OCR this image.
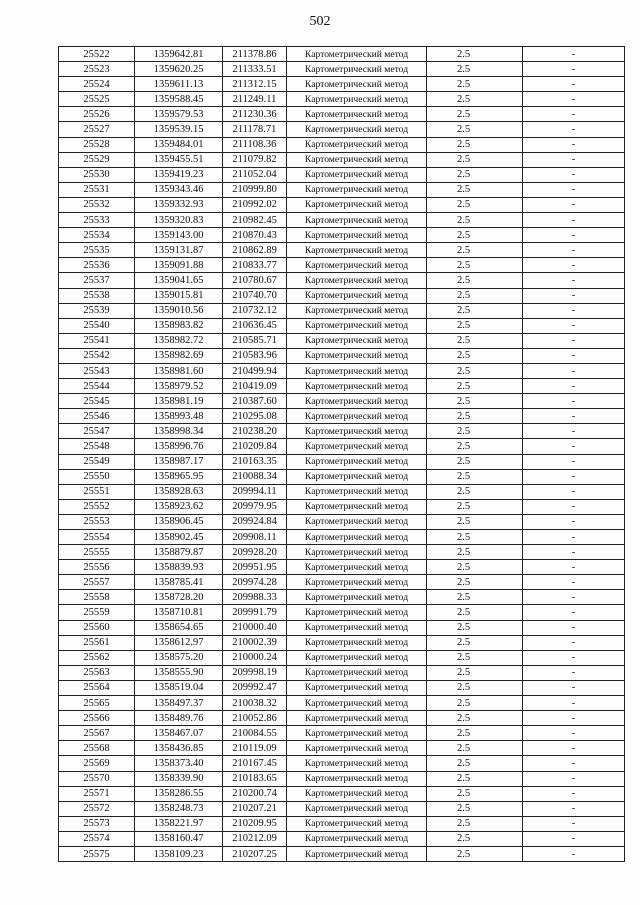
502
25522	1359642.81	211378.86	Картометрический метод	2.5	-
25523	1359620.25	211333.51	Картометрический метод	2.5	-
25524	1359611.13	211312.15	Картометрический метод	2.5	-
25525	1359588.45	211249.11	Картометрический метод	2.5	-
25526	1359579.53	211230.36	Картометрический метод	2.5	-
25527	1359539.15	211178.71	Картометрический метод	2.5	-
25528	1359484.01	211108.36	Картометрический метод	2.5	-
25529	1359455.51	211079.82	Картометрический метод	2.5	-
25530	1359419.23	211052.04	Картометрический метод	2.5	-
25531	1359343.46	210999.80	Картометрический метод	2.5	-
25532	1359332.93	210992.02	Картометрический метод	2.5	-
25533	1359320.83	210982.45	Картометрический метод	2.5	-
25534	1359143.00	210870.43	Картометрический метод	2.5	-
25535	1359131.87	210862.89	Картометрический метод	2.5	-
25536	1359091.88	210833.77	Картометрический метод	2.5	-
25537	1359041.65	210780.67	Картометрический метод	2.5	-
25538	1359015.81	210740.70	Картометрический метод	2.5	-
25539	1359010.56	210732.12	Картометрический метод	2.5	-
25540	1358983.82	210636.45	Картометрический метод	2.5	-
25541	1358982.72	210585.71	Картометрический метод	2.5	-
25542	1358982.69	210583.96	Картометрический метод	2.5	-
25543	1358981.60	210499.94	Картометрический метод	2.5	-
25544	1358979.52	210419.09	Картометрический метод	2.5	-
25545	1358981.19	210387.60	Картометрический метод	2.5	-
25546	1358993.48	210295.08	Картометрический метод	2.5	-
25547	1358998.34	210238.20	Картометрический метод	2.5	-
25548	1358996.76	210209.84	Картометрический метод	2.5	-
25549	1358987.17	210163.35	Картометрический метод	2.5	-
25550	1358965.95	210088.34	Картометрический метод	2.5	-
25551	1358928.63	209994.11	Картометрический метод	2.5	-
25552	1358923.62	209979.95	Картометрический метод	2.5	-
25553	1358906.45	209924.84	Картометрический метод	2.5	-
25554	1358902.45	209908.11	Картометрический метод	2.5	-
25555	1358879.87	209928.20	Картометрический метод	2.5	-
25556	1358839.93	209951.95	Картометрический метод	2.5	-
25557	1358785.41	209974.28	Картометрический метод	2.5	-
25558	1358728.20	209988.33	Картометрический метод	2.5	-
25559	1358710.81	209991.79	Картометрический метод	2.5	-
25560	1358654.65	210000.40	Картометрический метод	2.5	-
25561	1358612.97	210002.39	Картометрический метод	2.5	-
25562	1358575.20	210000.24	Картометрический метод	2.5	-
25563	1358555.90	209998.19	Картометрический метод	2.5	-
25564	1358519.04	209992.47	Картометрический метод	2.5	-
25565	1358497.37	210038.32	Картометрический метод	2.5	-
25566	1358489.76	210052.86	Картометрический метод	2.5	-
25567	1358467.07	210084.55	Картометрический метод	2.5	-
25568	1358436.85	210119.09	Картометрический метод	2.5	-
25569	1358373.40	210167.45	Картометрический метод	2.5	-
25570	1358339.90	210183.65	Картометрический метод	2.5	-
25571	1358286.55	210200.74	Картометрический метод	2.5	-
25572	1358248.73	210207.21	Картометрический метод	2.5	-
25573	1358221.97	210209.95	Картометрический метод	2.5	-
25574	1358160.47	210212.09	Картометрический метод	2.5	-
25575	1358109.23	210207.25	Картометрический метод	2.5	-
